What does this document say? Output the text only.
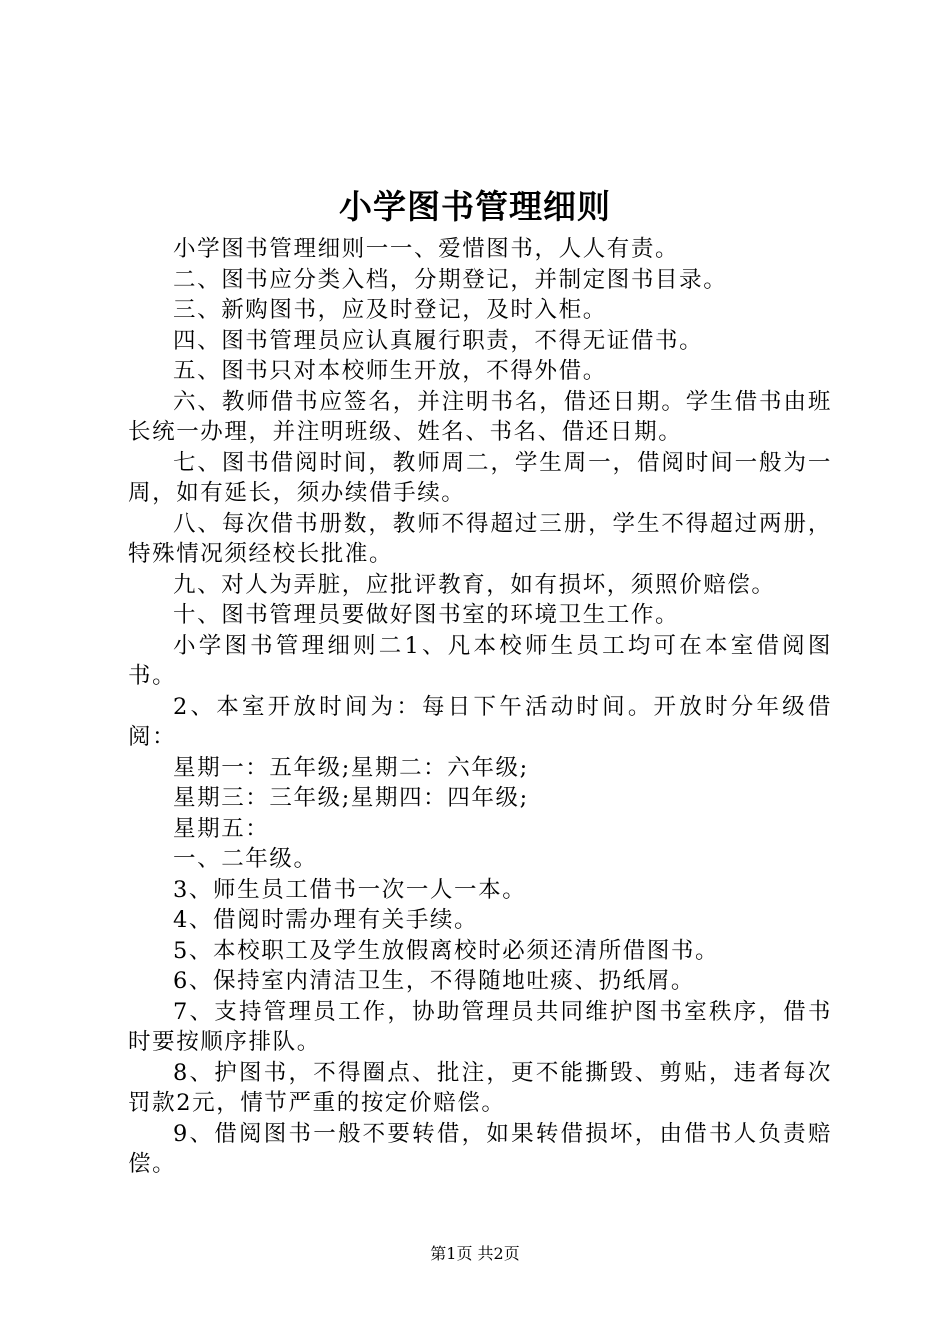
小学图书管理细则

小学图书管理细则一一、爱惜图书，人人有责。

二、图书应分类入档，分期登记，并制定图书目录。

三、新购图书，应及时登记，及时入柜。

四、图书管理员应认真履行职责，不得无证借书。

五、图书只对本校师生开放，不得外借。

六、教师借书应签名，并注明书名，借还日期。学生借书由班长统一办理，并注明班级、姓名、书名、借还日期。

七、图书借阅时间，教师周二，学生周一，借阅时间一般为一周，如有延长，须办续借手续。

八、每次借书册数，教师不得超过三册，学生不得超过两册，特殊情况须经校长批准。

九、对人为弄脏，应批评教育，如有损坏，须照价赔偿。

十、图书管理员要做好图书室的环境卫生工作。

小学图书管理细则二1、凡本校师生员工均可在本室借阅图书。

2、本室开放时间为：每日下午活动时间。开放时分年级借阅：

星期一：五年级;星期二：六年级;

星期三：三年级;星期四：四年级;

星期五：

一、二年级。

3、师生员工借书一次一人一本。

4、借阅时需办理有关手续。

5、本校职工及学生放假离校时必须还清所借图书。

6、保持室内清洁卫生，不得随地吐痰、扔纸屑。

7、支持管理员工作，协助管理员共同维护图书室秩序，借书时要按顺序排队。

8、护图书，不得圈点、批注，更不能撕毁、剪贴，违者每次罚款2元，情节严重的按定价赔偿。

9、借阅图书一般不要转借，如果转借损坏，由借书人负责赔偿。

第1页 共2页
